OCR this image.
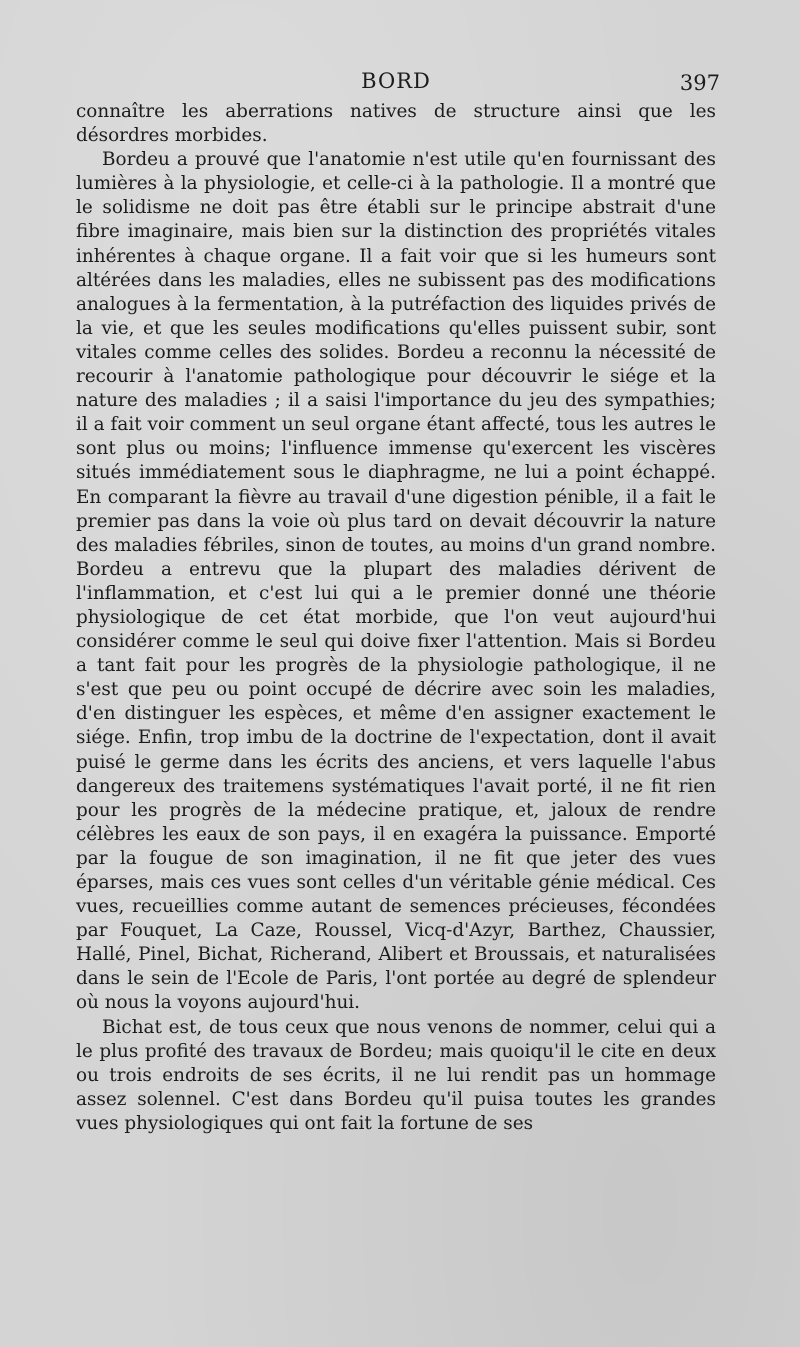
BORD	397

connaître les aberrations natives de structure ainsi que les désordres morbides.

Bordeu a prouvé que l'anatomie n'est utile qu'en fournissant des lumières à la physiologie, et celle-ci à la pathologie. Il a montré que le solidisme ne doit pas être établi sur le principe abstrait d'une fibre imaginaire, mais bien sur la distinction des propriétés vitales inhérentes à chaque organe. Il a fait voir que si les humeurs sont altérées dans les maladies, elles ne subissent pas des modifications analogues à la fermentation, à la putréfaction des liquides privés de la vie, et que les seules modifications qu'elles puissent subir, sont vitales comme celles des solides. Bordeu a reconnu la nécessité de recourir à l'anatomie pathologique pour découvrir le siége et la nature des maladies ; il a saisi l'importance du jeu des sympathies; il a fait voir comment un seul organe étant affecté, tous les autres le sont plus ou moins; l'influence immense qu'exercent les viscères situés immédiatement sous le diaphragme, ne lui a point échappé. En comparant la fièvre au travail d'une digestion pénible, il a fait le premier pas dans la voie où plus tard on devait découvrir la nature des maladies fébriles, sinon de toutes, au moins d'un grand nombre. Bordeu a entrevu que la plupart des maladies dérivent de l'inflammation, et c'est lui qui a le premier donné une théorie physiologique de cet état morbide, que l'on veut aujourd'hui considérer comme le seul qui doive fixer l'attention. Mais si Bordeu a tant fait pour les progrès de la physiologie pathologique, il ne s'est que peu ou point occupé de décrire avec soin les maladies, d'en distinguer les espèces, et même d'en assigner exactement le siége. Enfin, trop imbu de la doctrine de l'expectation, dont il avait puisé le germe dans les écrits des anciens, et vers laquelle l'abus dangereux des traitemens systématiques l'avait porté, il ne fit rien pour les progrès de la médecine pratique, et, jaloux de rendre célèbres les eaux de son pays, il en exagéra la puissance. Emporté par la fougue de son imagination, il ne fit que jeter des vues éparses, mais ces vues sont celles d'un véritable génie médical. Ces vues, recueillies comme autant de semences précieuses, fécondées par Fouquet, La Caze, Roussel, Vicq-d'Azyr, Barthez, Chaussier, Hallé, Pinel, Bichat, Richerand, Alibert et Broussais, et naturalisées dans le sein de l'Ecole de Paris, l'ont portée au degré de splendeur où nous la voyons aujourd'hui.

Bichat est, de tous ceux que nous venons de nommer, celui qui a le plus profité des travaux de Bordeu; mais quoiqu'il le cite en deux ou trois endroits de ses écrits, il ne lui rendit pas un hommage assez solennel. C'est dans Bordeu qu'il puisa toutes les grandes vues physiologiques qui ont fait la fortune de ses
